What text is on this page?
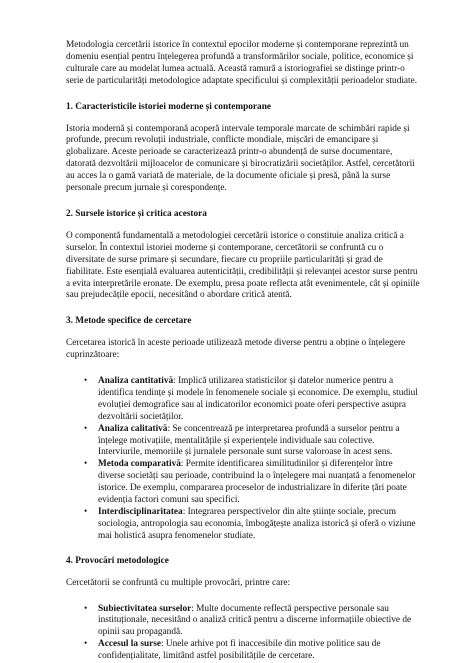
Metodologia cercetării istorice în contextul epocilor moderne și contemporane reprezintă un domeniu esențial pentru înțelegerea profundă a transformărilor sociale, politice, economice și culturale care au modelat lumea actuală. Această ramură a istoriografiei se distinge printr-o serie de particularități metodologice adaptate specificului și complexității perioadelor studiate.

1. Caracteristicile istoriei moderne și contemporane

Istoria modernă și contemporană acoperă intervale temporale marcate de schimbări rapide și profunde, precum revoluții industriale, conflicte mondiale, mișcări de emancipare și globalizare. Aceste perioade se caracterizează printr-o abundență de surse documentare, datorată dezvoltării mijloacelor de comunicare și birocratizării societăților. Astfel, cercetătorii au acces la o gamă variată de materiale, de la documente oficiale și presă, până la surse personale precum jurnale și corespondențe.

2. Sursele istorice și critica acestora

O componentă fundamentală a metodologiei cercetării istorice o constituie analiza critică a surselor. În contextul istoriei moderne și contemporane, cercetătorii se confruntă cu o diversitate de surse primare și secundare, fiecare cu propriile particularități și grad de fiabilitate. Este esențială evaluarea autenticității, credibilității și relevanței acestor surse pentru a evita interpretările eronate. De exemplu, presa poate reflecta atât evenimentele, cât și opiniile sau prejudecățile epocii, necesitând o abordare critică atentă.

3. Metode specifice de cercetare

Cercetarea istorică în aceste perioade utilizează metode diverse pentru a obține o înțelegere cuprinzătoare:

• Analiza cantitativă: Implică utilizarea statisticilor și datelor numerice pentru a identifica tendințe și modele în fenomenele sociale și economice. De exemplu, studiul evoluției demografice sau al indicatorilor economici poate oferi perspective asupra dezvoltării societăților.
• Analiza calitativă: Se concentrează pe interpretarea profundă a surselor pentru a înțelege motivațiile, mentalitățile și experiențele individuale sau colective. Interviurile, memoriile și jurnalele personale sunt surse valoroase în acest sens.
• Metoda comparativă: Permite identificarea similitudinilor și diferențelor între diverse societăți sau perioade, contribuind la o înțelegere mai nuanțată a fenomenelor istorice. De exemplu, compararea proceselor de industrializare în diferite țări poate evidenția factori comuni sau specifici.
• Interdisciplinaritatea: Integrarea perspectivelor din alte științe sociale, precum sociologia, antropologia sau economia, îmbogățește analiza istorică și oferă o viziune mai holistică asupra fenomenelor studiate.
4. Provocări metodologice

Cercetătorii se confruntă cu multiple provocări, printre care:

• Subiectivitatea surselor: Multe documente reflectă perspective personale sau instituționale, necesitând o analiză critică pentru a discerne informațiile obiective de opinii sau propagandă.
• Accesul la surse: Unele arhive pot fi inaccesibile din motive politice sau de confidențialitate, limitând astfel posibilitățile de cercetare.
